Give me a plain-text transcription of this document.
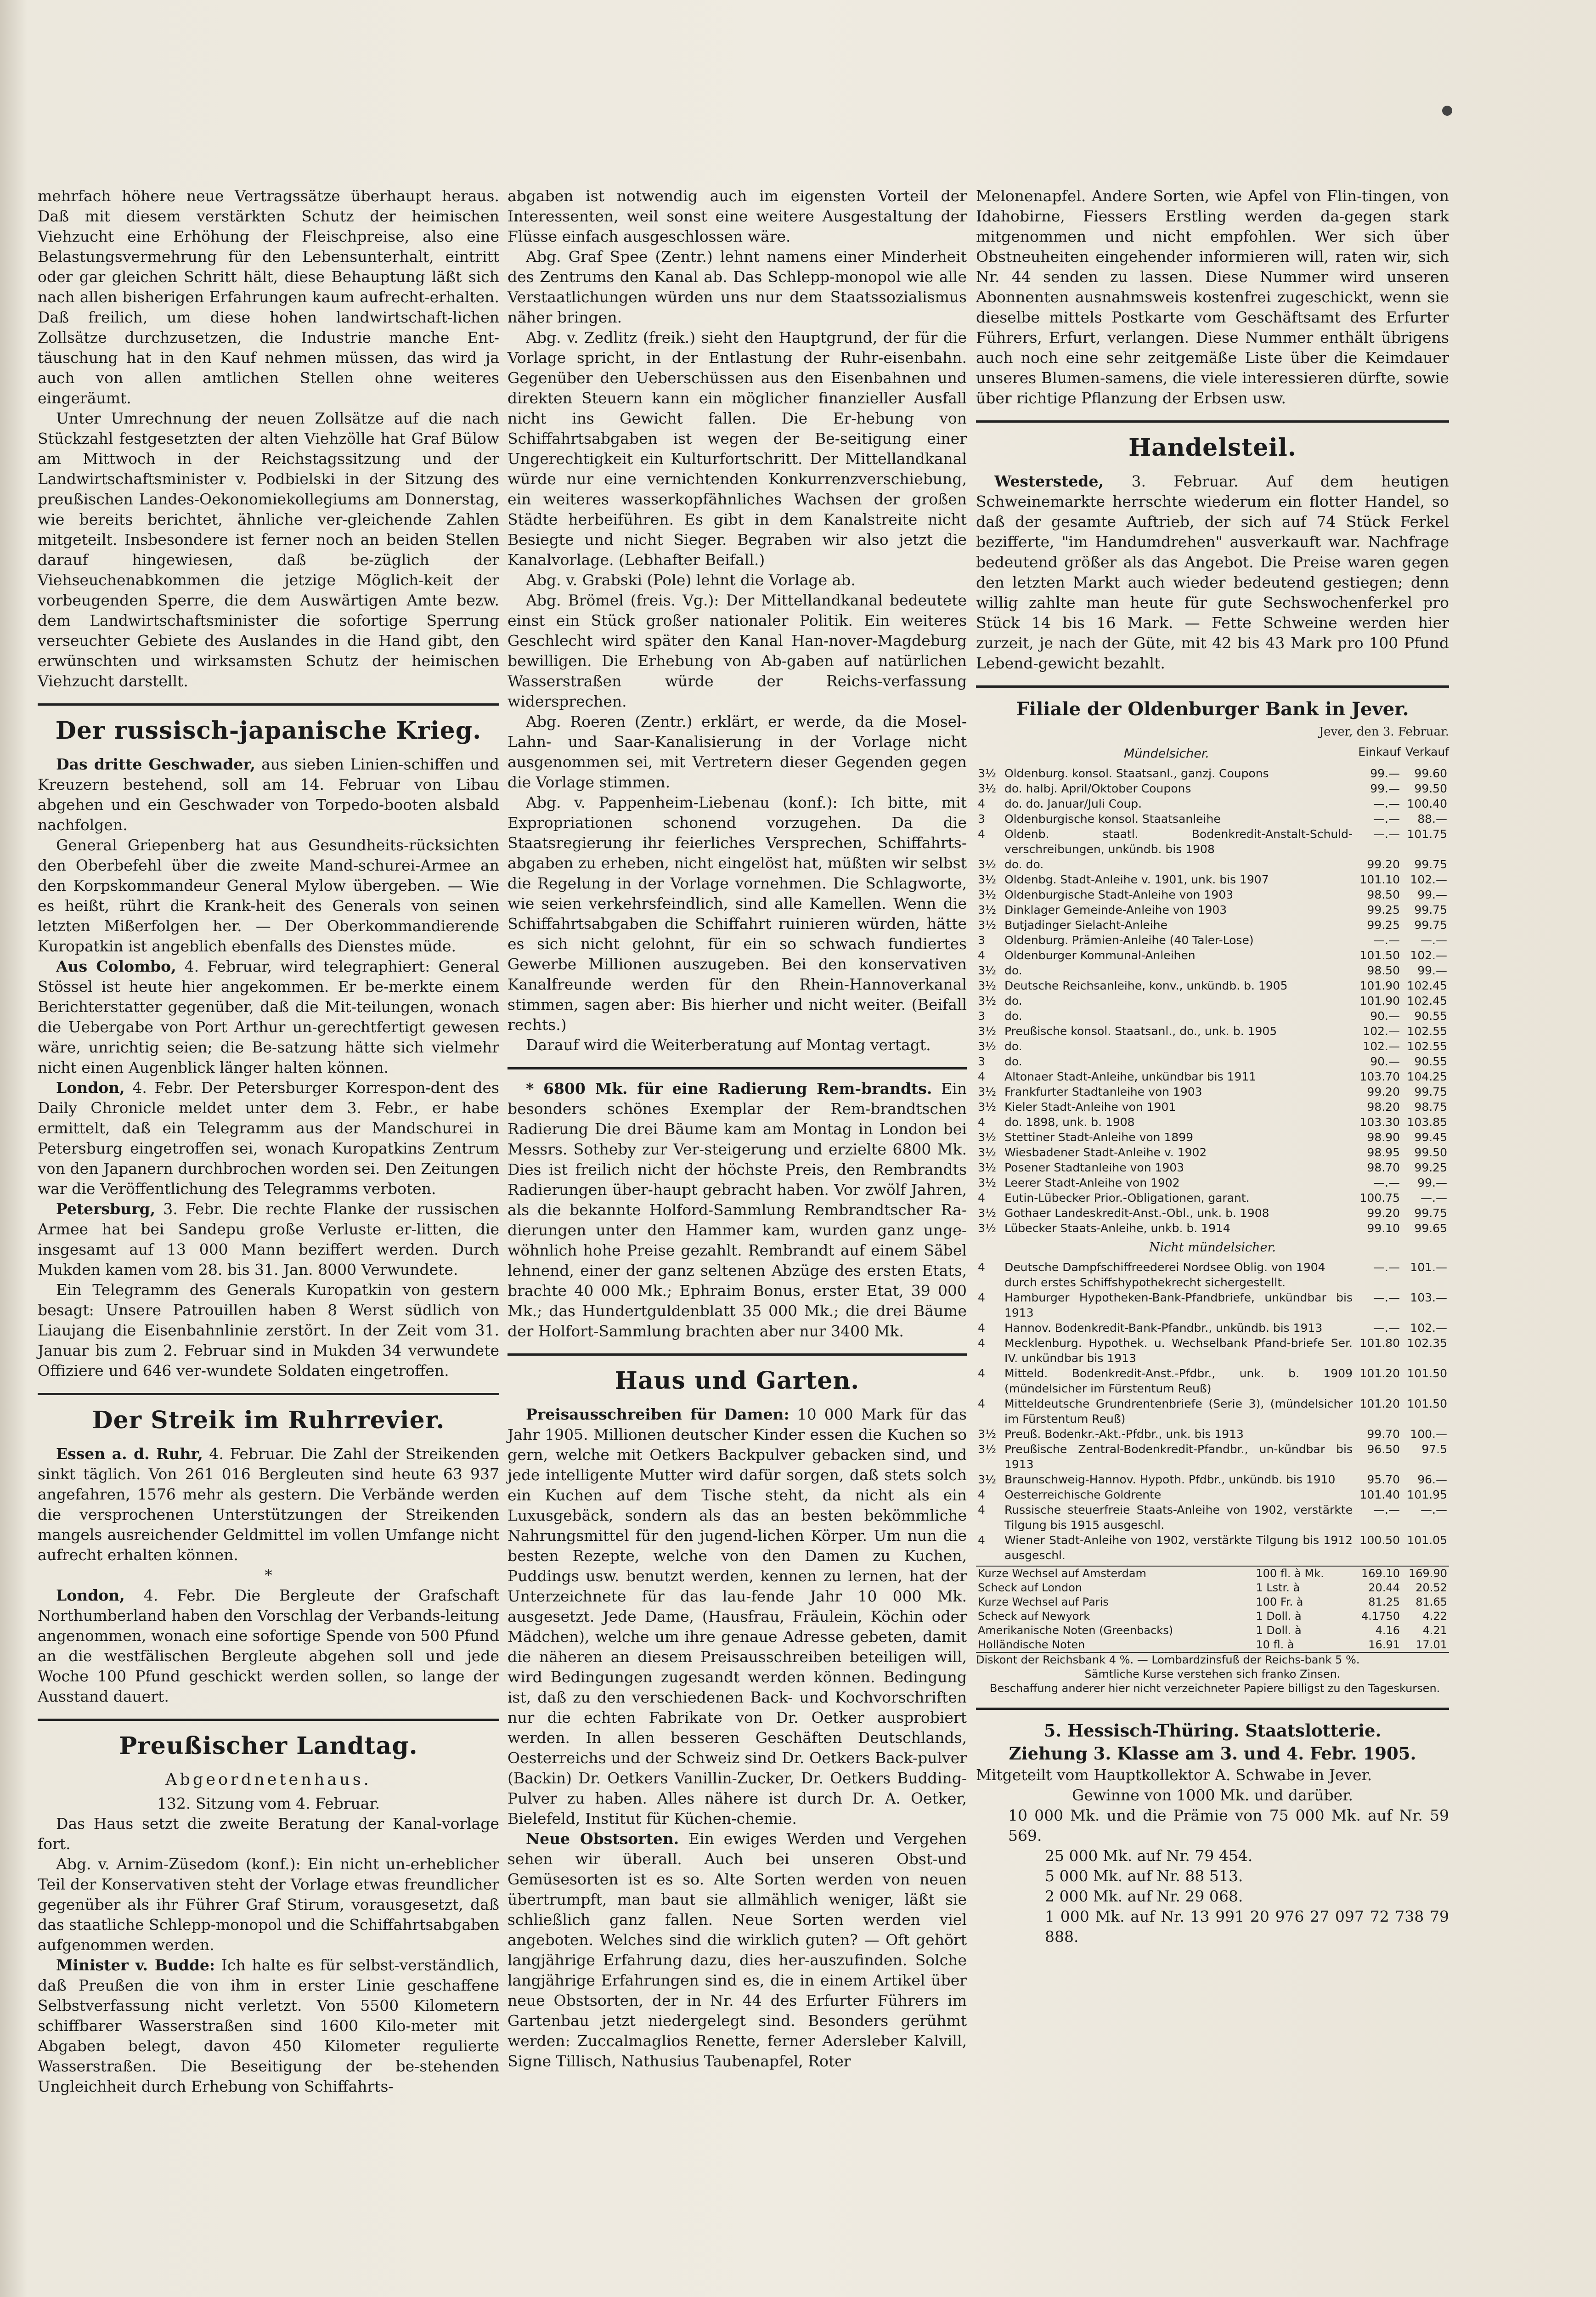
mehrfach höhere neue Vertragssätze überhaupt heraus. Daß mit diesem verstärkten Schutz der heimischen Viehzucht eine Erhöhung der Fleischpreise, also eine Belastungsvermehrung für den Lebensunterhalt, eintritt oder gar gleichen Schritt hält, diese Behauptung läßt sich nach allen bisherigen Erfahrungen kaum aufrecht-erhalten. Daß freilich, um diese hohen landwirtschaft-lichen Zollsätze durchzusetzen, die Industrie manche Ent-täuschung hat in den Kauf nehmen müssen, das wird ja auch von allen amtlichen Stellen ohne weiteres eingeräumt.

Unter Umrechnung der neuen Zollsätze auf die nach Stückzahl festgesetzten der alten Viehzölle hat Graf Bülow am Mittwoch in der Reichstagssitzung und der Landwirtschaftsminister v. Podbielski in der Sitzung des preußischen Landes-Oekonomiekollegiums am Donnerstag, wie bereits berichtet, ähnliche ver-gleichende Zahlen mitgeteilt. Insbesondere ist ferner noch an beiden Stellen darauf hingewiesen, daß be-züglich der Viehseuchenabkommen die jetzige Möglich-keit der vorbeugenden Sperre, die dem Auswärtigen Amte bezw. dem Landwirtschaftsminister die sofortige Sperrung verseuchter Gebiete des Auslandes in die Hand gibt, den erwünschten und wirksamsten Schutz der heimischen Viehzucht darstellt.

Der russisch-japanische Krieg.

Das dritte Geschwader, aus sieben Linien-schiffen und Kreuzern bestehend, soll am 14. Februar von Libau abgehen und ein Geschwader von Torpedo-booten alsbald nachfolgen.

General Griepenberg hat aus Gesundheits-rücksichten den Oberbefehl über die zweite Mand-schurei-Armee an den Korpskommandeur General Mylow übergeben. — Wie es heißt, rührt die Krank-heit des Generals von seinen letzten Mißerfolgen her. — Der Oberkommandierende Kuropatkin ist angeblich ebenfalls des Dienstes müde.

Aus Colombo, 4. Februar, wird telegraphiert: General Stössel ist heute hier angekommen. Er be-merkte einem Berichterstatter gegenüber, daß die Mit-teilungen, wonach die Uebergabe von Port Arthur un-gerechtfertigt gewesen wäre, unrichtig seien; die Be-satzung hätte sich vielmehr nicht einen Augenblick länger halten können.

London, 4. Febr. Der Petersburger Korrespon-dent des Daily Chronicle meldet unter dem 3. Febr., er habe ermittelt, daß ein Telegramm aus der Mandschurei in Petersburg eingetroffen sei, wonach Kuropatkins Zentrum von den Japanern durchbrochen worden sei. Den Zeitungen war die Veröffentlichung des Telegramms verboten.

Petersburg, 3. Febr. Die rechte Flanke der russischen Armee hat bei Sandepu große Verluste er-litten, die insgesamt auf 13 000 Mann beziffert werden. Durch Mukden kamen vom 28. bis 31. Jan. 8000 Verwundete.

Ein Telegramm des Generals Kuropatkin von gestern besagt: Unsere Patrouillen haben 8 Werst südlich von Liaujang die Eisenbahnlinie zerstört. In der Zeit vom 31. Januar bis zum 2. Februar sind in Mukden 34 verwundete Offiziere und 646 ver-wundete Soldaten eingetroffen.

Der Streik im Ruhrrevier.

Essen a. d. Ruhr, 4. Februar. Die Zahl der Streikenden sinkt täglich. Von 261 016 Bergleuten sind heute 63 937 angefahren, 1576 mehr als gestern. Die Verbände werden die versprochenen Unterstützungen der Streikenden mangels ausreichender Geldmittel im vollen Umfange nicht aufrecht erhalten können.

*

London, 4. Febr. Die Bergleute der Grafschaft Northumberland haben den Vorschlag der Verbands-leitung angenommen, wonach eine sofortige Spende von 500 Pfund an die westfälischen Bergleute abgehen soll und jede Woche 100 Pfund geschickt werden sollen, so lange der Ausstand dauert.

Preußischer Landtag.
Abgeordnetenhaus.
132. Sitzung vom 4. Februar.

Das Haus setzt die zweite Beratung der Kanal-vorlage fort.

Abg. v. Arnim-Züsedom (konf.): Ein nicht un-erheblicher Teil der Konservativen steht der Vorlage etwas freundlicher gegenüber als ihr Führer Graf Stirum, vorausgesetzt, daß das staatliche Schlepp-monopol und die Schiffahrtsabgaben aufgenommen werden.

Minister v. Budde: Ich halte es für selbst-verständlich, daß Preußen die von ihm in erster Linie geschaffene Selbstverfassung nicht verletzt. Von 5500 Kilometern schiffbarer Wasserstraßen sind 1600 Kilo-meter mit Abgaben belegt, davon 450 Kilometer regulierte Wasserstraßen. Die Beseitigung der be-stehenden Ungleichheit durch Erhebung von Schiffahrts-

abgaben ist notwendig auch im eigensten Vorteil der Interessenten, weil sonst eine weitere Ausgestaltung der Flüsse einfach ausgeschlossen wäre.

Abg. Graf Spee (Zentr.) lehnt namens einer Minderheit des Zentrums den Kanal ab. Das Schlepp-monopol wie alle Verstaatlichungen würden uns nur dem Staatssozialismus näher bringen.

Abg. v. Zedlitz (freik.) sieht den Hauptgrund, der für die Vorlage spricht, in der Entlastung der Ruhr-eisenbahn. Gegenüber den Ueberschüssen aus den Eisenbahnen und direkten Steuern kann ein möglicher finanzieller Ausfall nicht ins Gewicht fallen. Die Er-hebung von Schiffahrtsabgaben ist wegen der Be-seitigung einer Ungerechtigkeit ein Kulturfortschritt. Der Mittellandkanal würde nur eine vernichtenden Konkurrenzverschiebung, ein weiteres wasserkopfähnliches Wachsen der großen Städte herbeiführen. Es gibt in dem Kanalstreite nicht Besiegte und nicht Sieger. Begraben wir also jetzt die Kanalvorlage. (Lebhafter Beifall.)

Abg. v. Grabski (Pole) lehnt die Vorlage ab.

Abg. Brömel (freis. Vg.): Der Mittellandkanal bedeutete einst ein Stück großer nationaler Politik. Ein weiteres Geschlecht wird später den Kanal Han-nover-Magdeburg bewilligen. Die Erhebung von Ab-gaben auf natürlichen Wasserstraßen würde der Reichs-verfassung widersprechen.

Abg. Roeren (Zentr.) erklärt, er werde, da die Mosel-Lahn- und Saar-Kanalisierung in der Vorlage nicht ausgenommen sei, mit Vertretern dieser Gegenden gegen die Vorlage stimmen.

Abg. v. Pappenheim-Liebenau (konf.): Ich bitte, mit Expropriationen schonend vorzugehen. Da die Staatsregierung ihr feierliches Versprechen, Schiffahrts-abgaben zu erheben, nicht eingelöst hat, müßten wir selbst die Regelung in der Vorlage vornehmen. Die Schlagworte, wie seien verkehrsfeindlich, sind alle Kamellen. Wenn die Schiffahrtsabgaben die Schiffahrt ruinieren würden, hätte es sich nicht gelohnt, für ein so schwach fundiertes Gewerbe Millionen auszugeben. Bei den konservativen Kanalfreunde werden für den Rhein-Hannoverkanal stimmen, sagen aber: Bis hierher und nicht weiter. (Beifall rechts.)

Darauf wird die Weiterberatung auf Montag vertagt.

* 6800 Mk. für eine Radierung Rem-brandts. Ein besonders schönes Exemplar der Rem-brandtschen Radierung Die drei Bäume kam am Montag in London bei Messrs. Sotheby zur Ver-steigerung und erzielte 6800 Mk. Dies ist freilich nicht der höchste Preis, den Rembrandts Radierungen über-haupt gebracht haben. Vor zwölf Jahren, als die bekannte Holford-Sammlung Rembrandtscher Ra-dierungen unter den Hammer kam, wurden ganz unge-wöhnlich hohe Preise gezahlt. Rembrandt auf einem Säbel lehnend, einer der ganz seltenen Abzüge des ersten Etats, brachte 40 000 Mk.; Ephraim Bonus, erster Etat, 39 000 Mk.; das Hundertguldenblatt 35 000 Mk.; die drei Bäume der Holfort-Sammlung brachten aber nur 3400 Mk.

Haus und Garten.

Preisausschreiben für Damen: 10 000 Mark für das Jahr 1905. Millionen deutscher Kinder essen die Kuchen so gern, welche mit Oetkers Backpulver gebacken sind, und jede intelligente Mutter wird dafür sorgen, daß stets solch ein Kuchen auf dem Tische steht, da nicht als ein Luxusgebäck, sondern als das an besten bekömmliche Nahrungsmittel für den jugend-lichen Körper. Um nun die besten Rezepte, welche von den Damen zu Kuchen, Puddings usw. benutzt werden, kennen zu lernen, hat der Unterzeichnete für das lau-fende Jahr 10 000 Mk. ausgesetzt. Jede Dame, (Hausfrau, Fräulein, Köchin oder Mädchen), welche um ihre genaue Adresse gebeten, damit die näheren an diesem Preisausschreiben beteiligen will, wird Bedingungen zugesandt werden können. Bedingung ist, daß zu den verschiedenen Back- und Kochvorschriften nur die echten Fabrikate von Dr. Oetker ausprobiert werden. In allen besseren Geschäften Deutschlands, Oesterreichs und der Schweiz sind Dr. Oetkers Back-pulver (Backin) Dr. Oetkers Vanillin-Zucker, Dr. Oetkers Budding-Pulver zu haben. Alles nähere ist durch Dr. A. Oetker, Bielefeld, Institut für Küchen-chemie.

Neue Obstsorten. Ein ewiges Werden und Vergehen sehen wir überall. Auch bei unseren Obst-und Gemüsesorten ist es so. Alte Sorten werden von neuen übertrumpft, man baut sie allmählich weniger, läßt sie schließlich ganz fallen. Neue Sorten werden viel angeboten. Welches sind die wirklich guten? — Oft gehört langjährige Erfahrung dazu, dies her-auszufinden. Solche langjährige Erfahrungen sind es, die in einem Artikel über neue Obstsorten, der in Nr. 44 des Erfurter Führers im Gartenbau jetzt niedergelegt sind. Besonders gerühmt werden: Zuccalmaglios Renette, ferner Adersleber Kalvill, Signe Tillisch, Nathusius Taubenapfel, Roter

Melonenapfel. Andere Sorten, wie Apfel von Flin-tingen, von Idahobirne, Fiessers Erstling werden da-gegen stark mitgenommen und nicht empfohlen. Wer sich über Obstneuheiten eingehender informieren will, raten wir, sich Nr. 44 senden zu lassen. Diese Nummer wird unseren Abonnenten ausnahmsweis kostenfrei zugeschickt, wenn sie dieselbe mittels Postkarte vom Geschäftsamt des Erfurter Führers, Erfurt, verlangen. Diese Nummer enthält übrigens auch noch eine sehr zeitgemäße Liste über die Keimdauer unseres Blumen-samens, die viele interessieren dürfte, sowie über richtige Pflanzung der Erbsen usw.

Handelsteil.

Westerstede, 3. Februar. Auf dem heutigen Schweinemarkte herrschte wiederum ein flotter Handel, so daß der gesamte Auftrieb, der sich auf 74 Stück Ferkel bezifferte, "im Handumdrehen" ausverkauft war. Nachfrage bedeutend größer als das Angebot. Die Preise waren gegen den letzten Markt auch wieder bedeutend gestiegen; denn willig zahlte man heute für gute Sechswochenferkel pro Stück 14 bis 16 Mark. — Fette Schweine werden hier zurzeit, je nach der Güte, mit 42 bis 43 Mark pro 100 Pfund Lebend-gewicht bezahlt.

Filiale der Oldenburger Bank in Jever.
Jever, den 3. Februar.
Mündelsicher.	Einkauf Verkauf
3½	Oldenburg. konsol. Staatsanl., ganzj. Coupons	99.—	99.60
3½	do. halbj. April/Oktober Coupons	99.—	99.50
4	do. do. Januar/Juli Coup.	—.—	100.40
3	Oldenburgische konsol. Staatsanleihe	—.—	88.—
4	Oldenb. staatl. Bodenkredit-Anstalt-Schuld-verschreibungen, unkündb. bis 1908	—.—	101.75
3½	do. do.	99.20	99.75
3½	Oldenbg. Stadt-Anleihe v. 1901, unk. bis 1907	101.10	102.—
3½	Oldenburgische Stadt-Anleihe von 1903	98.50	99.—
3½	Dinklager Gemeinde-Anleihe von 1903	99.25	99.75
3½	Butjadinger Sielacht-Anleihe	99.25	99.75
3	Oldenburg. Prämien-Anleihe (40 Taler-Lose)	—.—	—.—
4	Oldenburger Kommunal-Anleihen	101.50	102.—
3½	do.	98.50	99.—
3½	Deutsche Reichsanleihe, konv., unkündb. b. 1905	101.90	102.45
3½	do.	101.90	102.45
3	do.	90.—	90.55
3½	Preußische konsol. Staatsanl., do., unk. b. 1905	102.—	102.55
3½	do.	102.—	102.55
3	do.	90.—	90.55
4	Altonaer Stadt-Anleihe, unkündbar bis 1911	103.70	104.25
3½	Frankfurter Stadtanleihe von 1903	99.20	99.75
3½	Kieler Stadt-Anleihe von 1901	98.20	98.75
4	do. 1898, unk. b. 1908	103.30	103.85
3½	Stettiner Stadt-Anleihe von 1899	98.90	99.45
3½	Wiesbadener Stadt-Anleihe v. 1902	98.95	99.50
3½	Posener Stadtanleihe von 1903	98.70	99.25
3½	Leerer Stadt-Anleihe von 1902	—.—	99.—
4	Eutin-Lübecker Prior.-Obligationen, garant.	100.75	—.—
3½	Gothaer Landeskredit-Anst.-Obl., unk. b. 1908	99.20	99.75
3½	Lübecker Staats-Anleihe, unkb. b. 1914	99.10	99.65
Nicht mündelsicher.
4	Deutsche Dampfschiffreederei Nordsee Oblig. von 1904	—.—	101.—
	durch erstes Schiffshypothekrecht sichergestellt.		
4	Hamburger Hypotheken-Bank-Pfandbriefe, unkündbar bis 1913	—.—	103.—
4	Hannov. Bodenkredit-Bank-Pfandbr., unkündb. bis 1913	—.—	102.—
4	Mecklenburg. Hypothek. u. Wechselbank Pfand-briefe Ser. IV. unkündbar bis 1913	101.80	102.35
4	Mitteld. Bodenkredit-Anst.-Pfdbr., unk. b. 1909 (mündelsicher im Fürstentum Reuß)	101.20	101.50
4	Mitteldeutsche Grundrentenbriefe (Serie 3), (mündelsicher im Fürstentum Reuß)	101.20	101.50
3½	Preuß. Bodenkr.-Akt.-Pfdbr., unk. bis 1913	99.70	100.—
3½	Preußische Zentral-Bodenkredit-Pfandbr., un-kündbar bis 1913	96.50	97.5
3½	Braunschweig-Hannov. Hypoth. Pfdbr., unkündb. bis 1910	95.70	96.—
4	Oesterreichische Goldrente	101.40	101.95
4	Russische steuerfreie Staats-Anleihe von 1902, verstärkte Tilgung bis 1915 ausgeschl.	—.—	—.—
4	Wiener Stadt-Anleihe von 1902, verstärkte Tilgung bis 1912 ausgeschl.	100.50	101.05
Kurze Wechsel auf Amsterdam	100 fl. à Mk.	169.10	169.90
Scheck auf London	1 Lstr. à	20.44	20.52
Kurze Wechsel auf Paris	100 Fr. à	81.25	81.65
Scheck auf Newyork	1 Doll. à	4.1750	4.22
Amerikanische Noten (Greenbacks)	1 Doll. à	4.16	4.21
Holländische Noten	10 fl. à	16.91	17.01
Diskont der Reichsbank 4 %. — Lombardzinsfuß der Reichs-bank 5 %.
Sämtliche Kurse verstehen sich franko Zinsen.
Beschaffung anderer hier nicht verzeichneter Papiere billigst zu den Tageskursen.
5. Hessisch-Thüring. Staatslotterie.
Ziehung 3. Klasse am 3. und 4. Febr. 1905.

Mitgeteilt vom Hauptkollektor A. Schwabe in Jever.

Gewinne von 1000 Mk. und darüber.

10 000 Mk. und die Prämie von 75 000 Mk. auf Nr. 59 569.

25 000 Mk. auf Nr. 79 454.

5 000 Mk. auf Nr. 88 513.

2 000 Mk. auf Nr. 29 068.

1 000 Mk. auf Nr. 13 991 20 976 27 097 72 738 79 888.
